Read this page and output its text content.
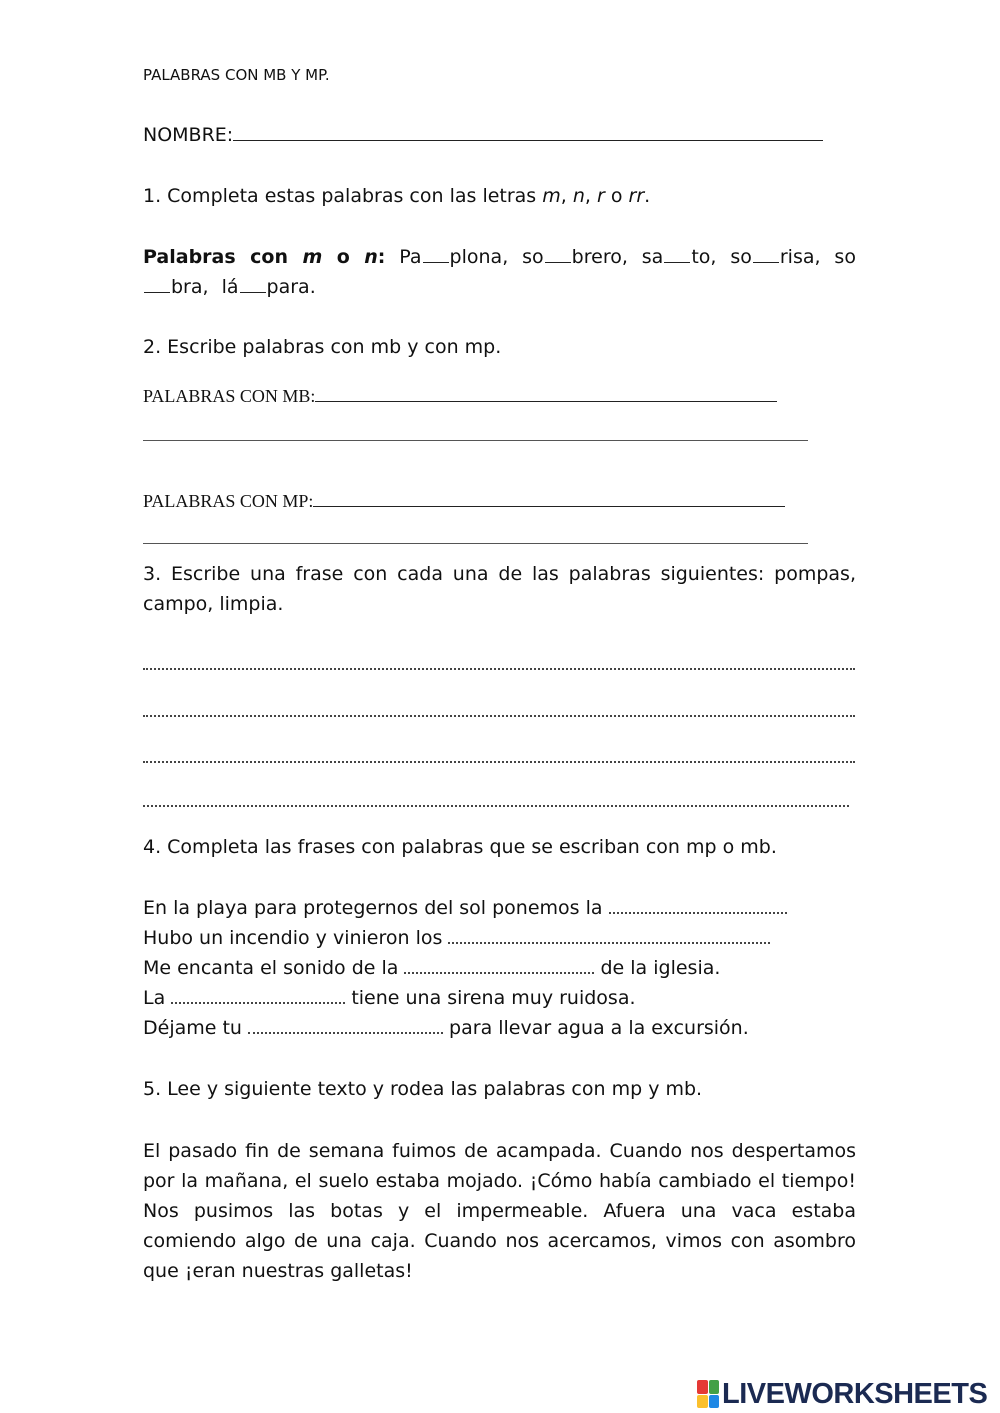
PALABRAS CON MB Y MP.
NOMBRE:
1. Completa estas palabras con las letras m, n, r o rr.
Palabras con m o n: Pa plona, so brero, sa to, so risa, sobra, lá para.
2. Escribe palabras con mb y con mp.
PALABRAS CON MB:
PALABRAS CON MP:
3. Escribe una frase con cada una de las palabras siguientes: pompas, campo, limpia.
4. Completa las frases con palabras que se escriban con mp o mb.
En la playa para protegernos del sol ponemos la
Hubo un incendio y vinieron los
Me encanta el sonido de la	de la iglesia.
La	tiene una sirena muy ruidosa.
Déjame tu	para llevar agua a la excursión.
5. Lee y siguiente texto y rodea las palabras con mp y mb.
El pasado fin de semana fuimos de acampada. Cuando nos despertamos por la mañana, el suelo estaba mojado. ¡Cómo había cambiado el tiempo! Nos pusimos las botas y el impermeable. Afuera una vaca estaba comiendo algo de una caja. Cuando nos acercamos, vimos con asombro que ¡eran nuestras galletas!
LIVEWORKSHEETS
